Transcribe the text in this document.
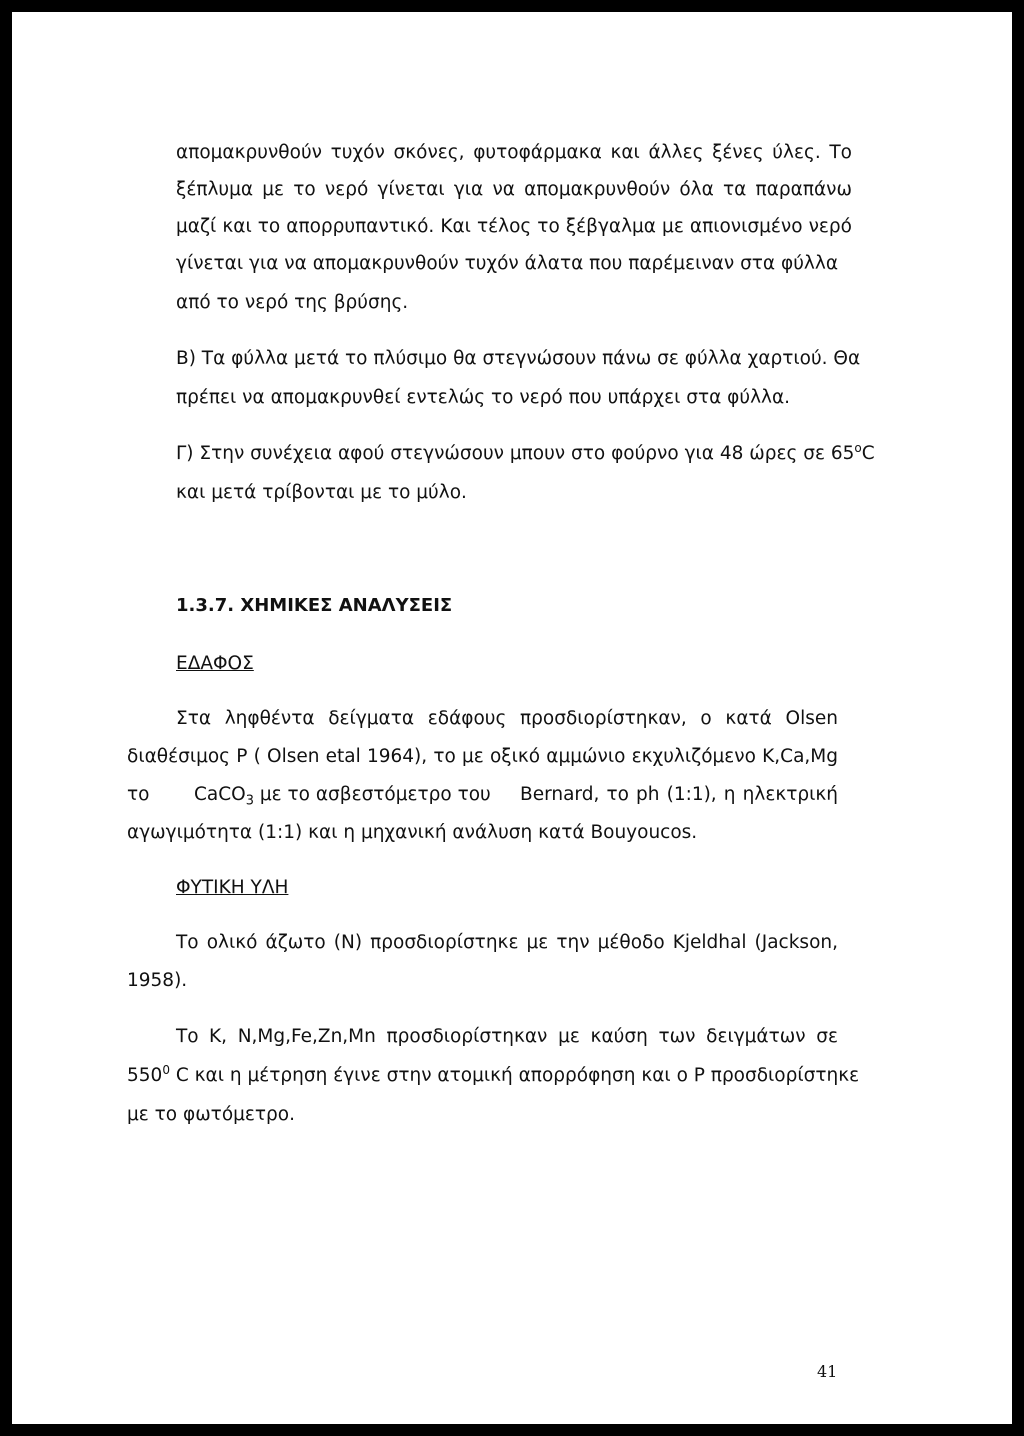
απομακρυνθούν τυχόν σκόνες, φυτοφάρμακα και άλλες ξένες ύλες. Το
ξέπλυμα με το νερό γίνεται για να απομακρυνθούν όλα τα παραπάνω
μαζί και το απορρυπαντικό. Και τέλος το ξέβγαλμα με απιονισμένο νερό
γίνεται για να απομακρυνθούν τυχόν άλατα που παρέμειναν στα φύλλα
από το νερό της βρύσης.
Β) Τα φύλλα μετά το πλύσιμο θα στεγνώσουν πάνω σε φύλλα χαρτιού. Θα
πρέπει να απομακρυνθεί εντελώς το νερό που υπάρχει στα φύλλα.
Γ) Στην συνέχεια αφού στεγνώσουν μπουν στο φούρνο για 48 ώρες σε $65^oC$
και μετά τρίβονται με το μύλο.
1.3.7. ΧΗΜΙΚΕΣ ΑΝΑΛΥΣΕΙΣ
ΕΔΑΦΟΣ
Στα ληφθέντα δείγματα εδάφους προσδιορίστηκαν, ο κατά Olsen
διαθέσιμος P ( Olsen etal 1964), το με οξικό αμμώνιο εκχυλιζόμενο K,Ca,Mg
το CaCO$_3$ με το ασβεστόμετρο του Bernard, το ph (1:1), η ηλεκτρική
αγωγιμότητα (1:1) και η μηχανική ανάλυση κατά Bouyoucos.
ΦΥΤΙΚΗ ΥΛΗ
Το ολικό άζωτο (Ν) προσδιορίστηκε με την μέθοδο Kjeldhal (Jackson,
1958).
Το K, N,Mg,Fe,Zn,Mn προσδιορίστηκαν με καύση των δειγμάτων σε
$550^0$ C και η μέτρηση έγινε στην ατομική απορρόφηση και ο Ρ προσδιορίστηκε
με το φωτόμετρο.
41
